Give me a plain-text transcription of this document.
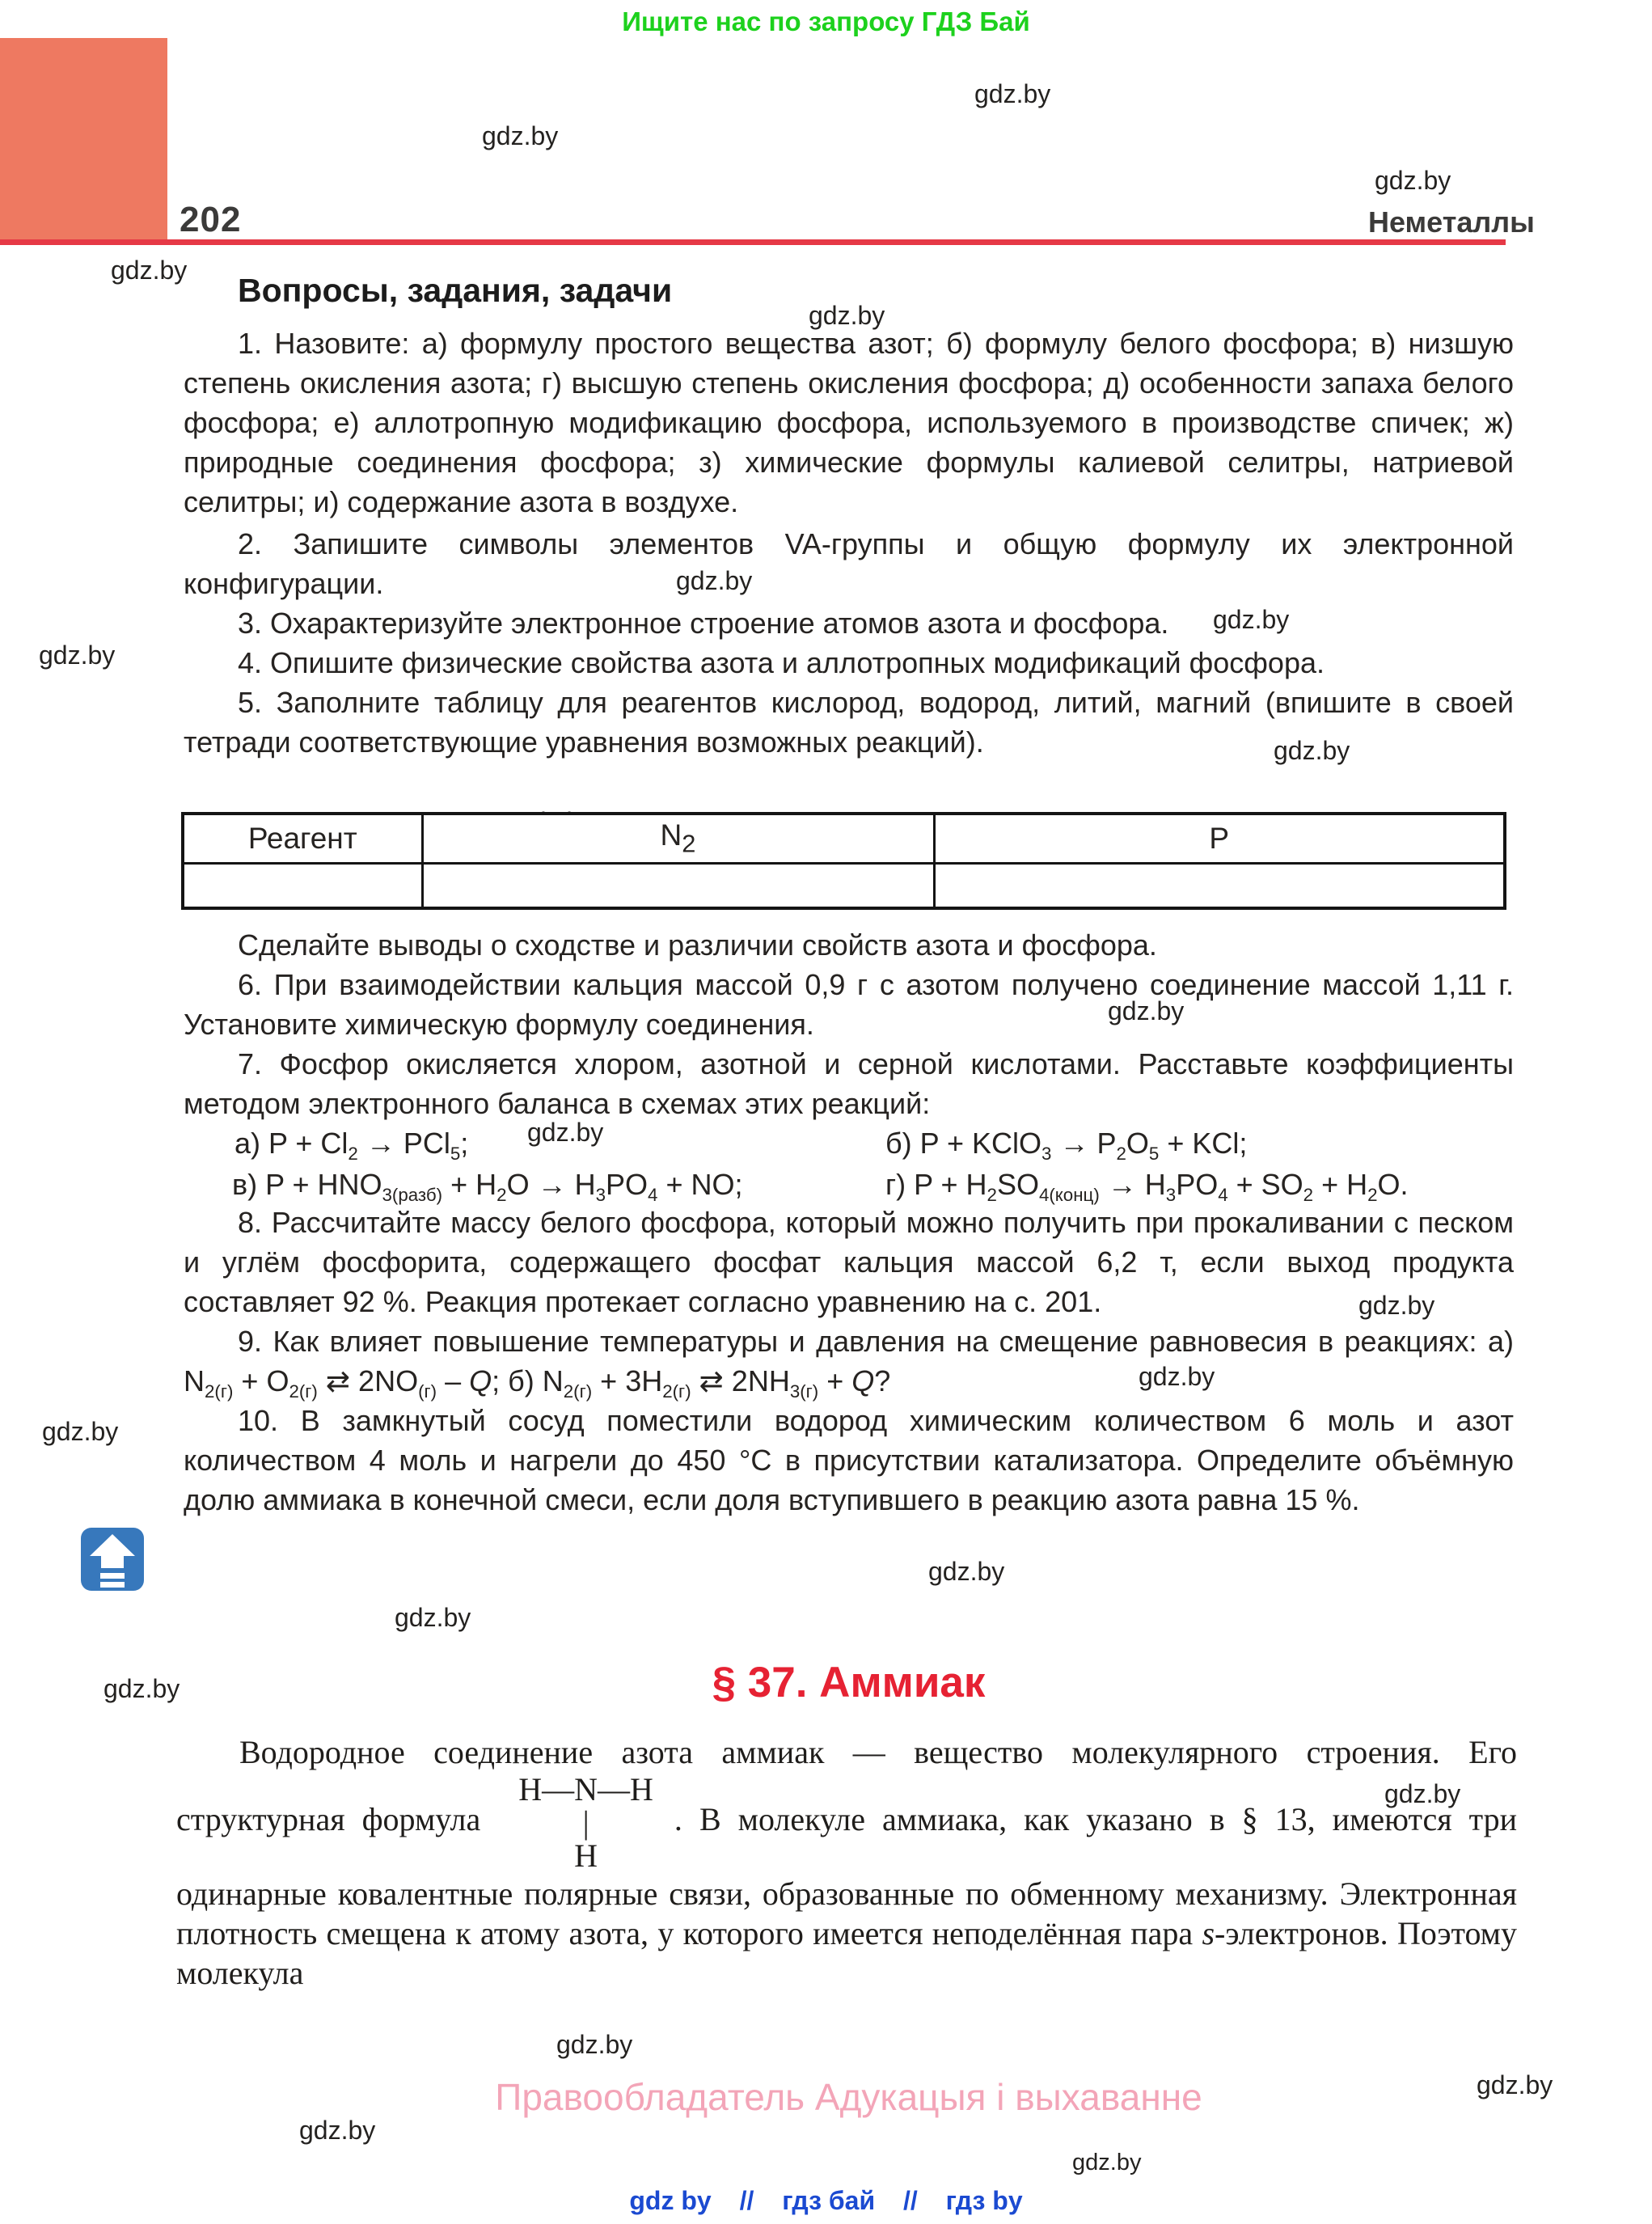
Ищите нас по запросу ГДЗ Бай
gdz.by
gdz.by
gdz.by
gdz.by
gdz.by
gdz.by
gdz.by
gdz.by
gdz.by
gdz.by
gdz.by
gdz.by
gdz.by
gdz.by
gdz.by
gdz.by
gdz.by
gdz.by
gdz.by
gdz.by
gdz.by
gdz.by
202	Неметаллы
Вопросы, задания, задачи

1. Назовите: а) формулу простого вещества азот; б) формулу белого фосфора; в) низшую степень окисления азота; г) высшую степень окисления фосфора; д) особенности запаха белого фосфора; е) аллотропную модификацию фосфора, используемого в производстве спичек; ж) природные соединения фосфора; з) химические формулы калиевой селитры, натриевой селитры; и) содержание азота в воздухе.

2. Запишите символы элементов VA-группы и общую формулу их электронной конфигурации.

3. Охарактеризуйте электронное строение атомов азота и фосфора.

4. Опишите физические свойства азота и аллотропных модификаций фосфора.

5. Заполните таблицу для реагентов кислород, водород, литий, магний (впишите в своей тетради соответствующие уравнения возможных реакций).

Реагент	$N_2$	P

Сделайте выводы о сходстве и различии свойств азота и фосфора.

6. При взаимодействии кальция массой 0,9 г с азотом получено соединение массой 1,11 г. Установите химическую формулу соединения.

7. Фосфор окисляется хлором, азотной и серной кислотами. Расставьте коэффициенты методом электронного баланса в схемах этих реакций:

а) $P + Cl_2 \to PCl_5$;	б) P + KClO$_3$ → $P_2O_5$ + KCl;
в) $P + HNO_{3(разб)} + H_2O \to H_3PO_4$ + NO;	г) $P + H_2SO_{4(конц)} \to H_3PO_4 + SO_2 + H_2O$.

8. Рассчитайте массу белого фосфора, который можно получить при прокаливании с песком и углём фосфорита, содержащего фосфат кальция массой 6,2 т, если выход продукта составляет 92 %. Реакция протекает согласно уравнению на с. 201.

9. Как влияет повышение температуры и давления на смещение равновесия в реакциях: а) $N_{2(г)} + O_{2(г)}$ ⇄ $2NO_{(г)}$ – Q; б) $N_{2(г)} + 3H_{2(г)}$ ⇄ $2NH_{3(г)} + Q$?

10. В замкнутый сосуд поместили водород химическим количеством 6 моль и азот количеством 4 моль и нагрели до 450 °С в присутствии катализатора. Определите объёмную долю аммиака в конечной смеси, если доля вступившего в реакцию азота равна 15 %.

§ 37. Аммиак

Водородное соединение азота аммиак — вещество молекулярного строения. Его структурная формула
H—N—H
|
H
. В молекуле аммиака, как указано в § 13, имеются три одинарные ковалентные полярные связи, образованные по обменному механизму. Электронная плотность смещена к атому азота, у которого имеется неподелённая пара s-электронов. Поэтому молекула

Правообладатель Адукацыя і выхаванне
gdz by // гдз бай // гдз by
